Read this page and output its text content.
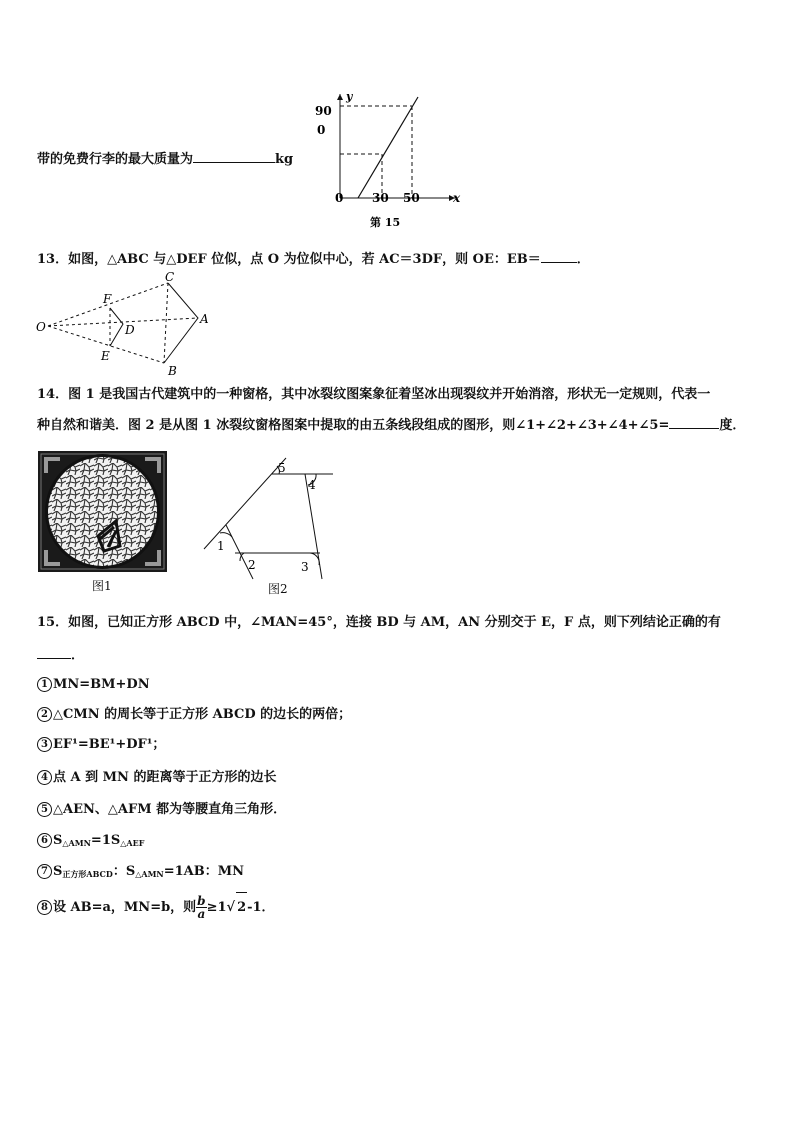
带的免费行李的最大质量为	kg
y
90
0
0 30 50	x
第 15
13．如图，△ABC 与△DEF 位似，点 O 为位似中心，若 AC＝3DF，则 OE：EB＝	．
O
F
E
D
C
A
B
14．图 1 是我国古代建筑中的一种窗格，其中冰裂纹图案象征着坚冰出现裂纹并开始消溶，形状无一定规则，代表一
种自然和谐美．图 2 是从图 1 冰裂纹窗格图案中提取的由五条线段组成的图形，则∠1+∠2+∠3+∠4+∠5=	度．
图1
1
2	3
4
5
图2
15．如图，已知正方形 ABCD 中，∠MAN=45°，连接 BD 与 AM，AN 分别交于 E，F 点，则下列结论正确的有
．
1 MN=BM+DN
2 △CMN 的周长等于正方形 ABCD 的边长的两倍；
3 EF¹=BE¹+DF¹；
4 点 A 到 MN 的距离等于正方形的边长
5 △AEN、△AFM 都为等腰直角三角形．
6 $S_{\triangle AMN}=1S_{\triangle AEF}$
7 $S_{正方形ABCD}$：$S_{\triangle AMN}=1AB$：MN
8 设 AB=a，MN=b，则 $\frac{b}{a} \ge 1√$ 2-1．
